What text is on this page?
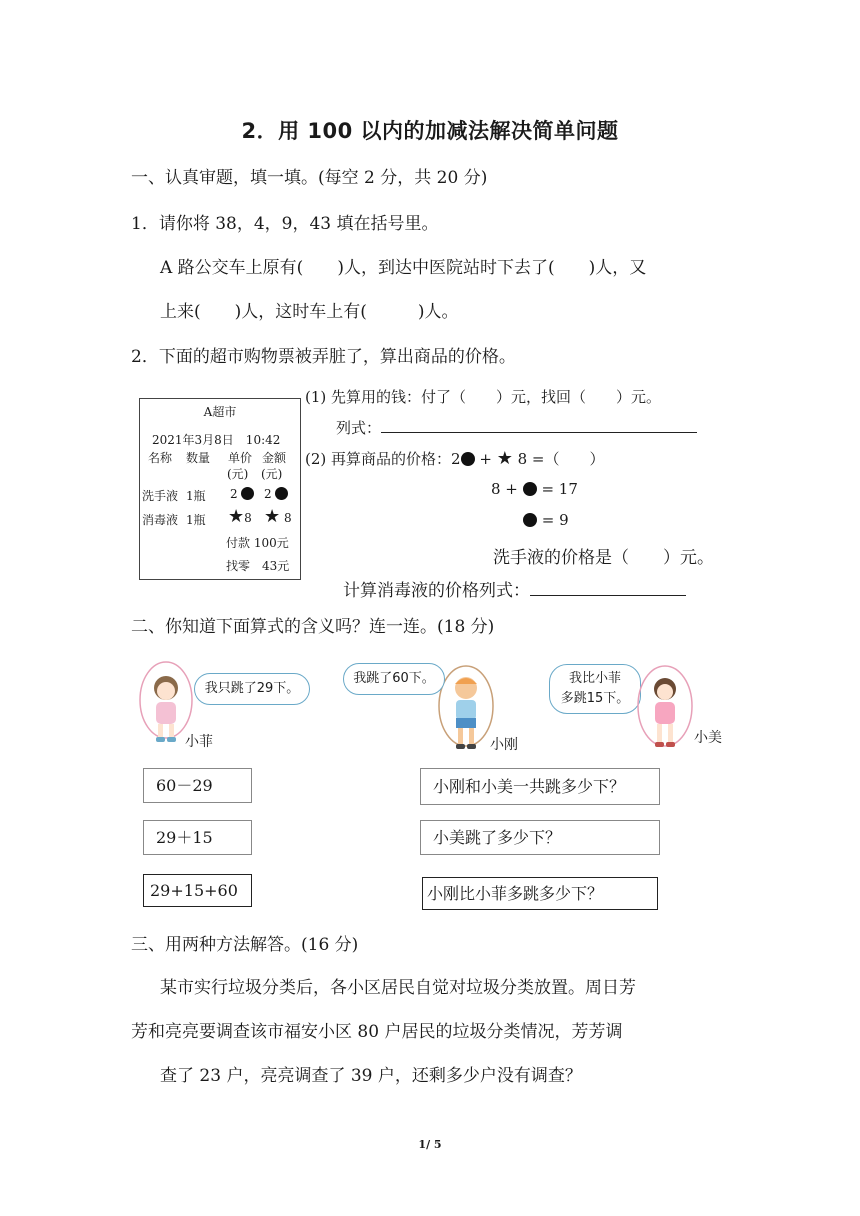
2．用 100 以内的加减法解决简单问题
一、认真审题，填一填。(每空 2 分，共 20 分)
1．请你将 38，4，9，43 填在括号里。
A 路公交车上原有(　　)人，到达中医院站时下去了(　　)人，又
上来(　　)人，这时车上有(　　　)人。
2．下面的超市购物票被弄脏了，算出商品的价格。
A超市
2021年3月8日　10:42
名称 数量 单价 金额
(元) (元)
洗手液 1瓶 2	2
消毒液 1瓶 ★8 ★ 8
付款 100元
找零　43元
(1) 先算用的钱：付了（　　）元，找回（　　）元。
列式：
(2) 再算商品的价格：2 + ★ 8 =（　　）
8 + = 17
= 9
洗手液的价格是（　　）元。
计算消毒液的价格列式：
二、你知道下面算式的含义吗？连一连。(18 分)
我只跳了29下。
小菲
我跳了60下。
小刚
我比小菲
多跳15下。
小美
60－29
29＋15
29+15+60
小刚和小美一共跳多少下？
小美跳了多少下？
小刚比小菲多跳多少下？
三、用两种方法解答。(16 分)
某市实行垃圾分类后，各小区居民自觉对垃圾分类放置。周日芳
芳和亮亮要调查该市福安小区 80 户居民的垃圾分类情况，芳芳调
查了 23 户，亮亮调查了 39 户，还剩多少户没有调查？
1/ 5
